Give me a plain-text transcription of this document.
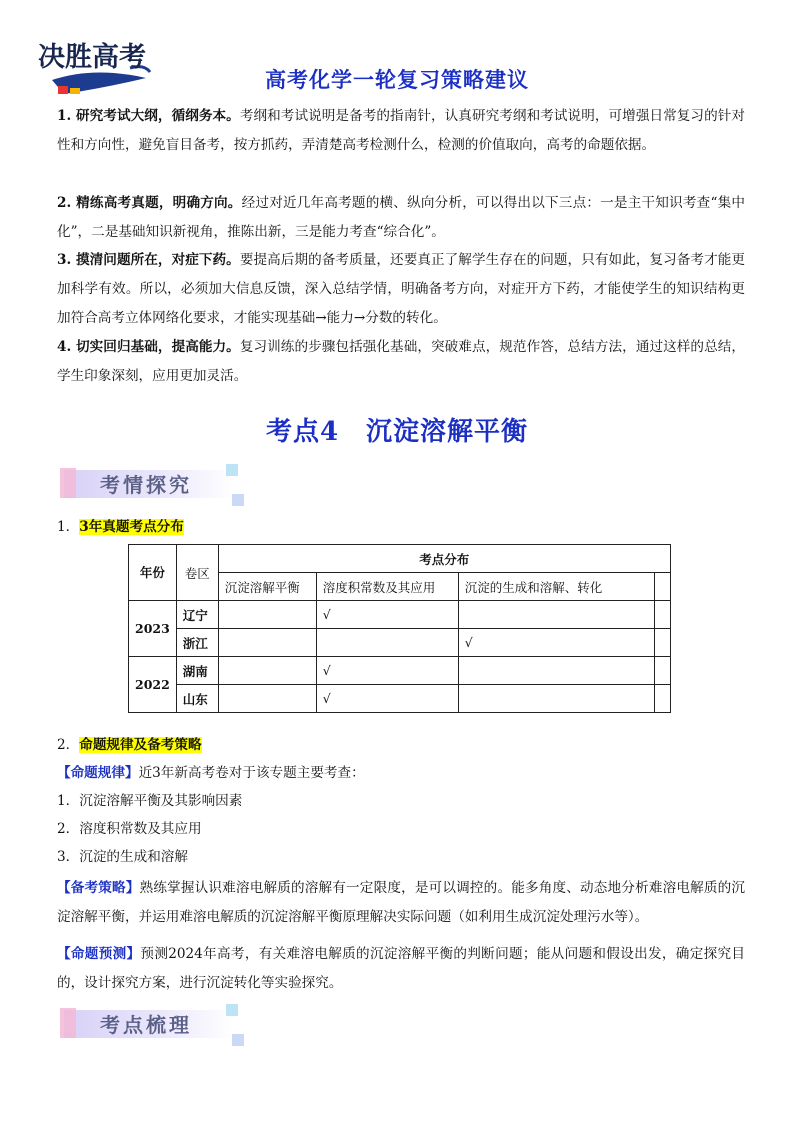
决胜高考
高考化学一轮复习策略建议
1. 研究考试大纲，循纲务本。考纲和考试说明是备考的指南针，认真研究考纲和考试说明，可增强日常复习的针对性和方向性，避免盲目备考，按方抓药，弄清楚高考检测什么，检测的价值取向，高考的命题依据。
2. 精练高考真题，明确方向。经过对近几年高考题的横、纵向分析，可以得出以下三点：一是主干知识考查“集中化”，二是基础知识新视角，推陈出新，三是能力考查“综合化”。
3. 摸清问题所在，对症下药。要提高后期的备考质量，还要真正了解学生存在的问题，只有如此，复习备考才能更加科学有效。所以，必须加大信息反馈，深入总结学情，明确备考方向，对症开方下药，才能使学生的知识结构更加符合高考立体网络化要求，才能实现基础→能力→分数的转化。
4. 切实回归基础，提高能力。复习训练的步骤包括强化基础，突破难点，规范作答，总结方法，通过这样的总结，学生印象深刻，应用更加灵活。
考点4　沉淀溶解平衡
考情探究
1．3年真题考点分布
年份	卷区	考点分布			
		沉淀溶解平衡	溶度积常数及其应用	沉淀的生成和溶解、转化	
2023	辽宁		√		
	浙江			√	
2022	湖南		√		
	山东		√		
2．命题规律及备考策略
【命题规律】近3年新高考卷对于该专题主要考查：
1．沉淀溶解平衡及其影响因素
2．溶度积常数及其应用
3．沉淀的生成和溶解
【备考策略】熟练掌握认识难溶电解质的溶解有一定限度，是可以调控的。能多角度、动态地分析难溶电解质的沉淀溶解平衡，并运用难溶电解质的沉淀溶解平衡原理解决实际问题（如利用生成沉淀处理污水等）。
【命题预测】预测2024年高考，有关难溶电解质的沉淀溶解平衡的判断问题；能从问题和假设出发，确定探究目的，设计探究方案，进行沉淀转化等实验探究。
考点梳理
